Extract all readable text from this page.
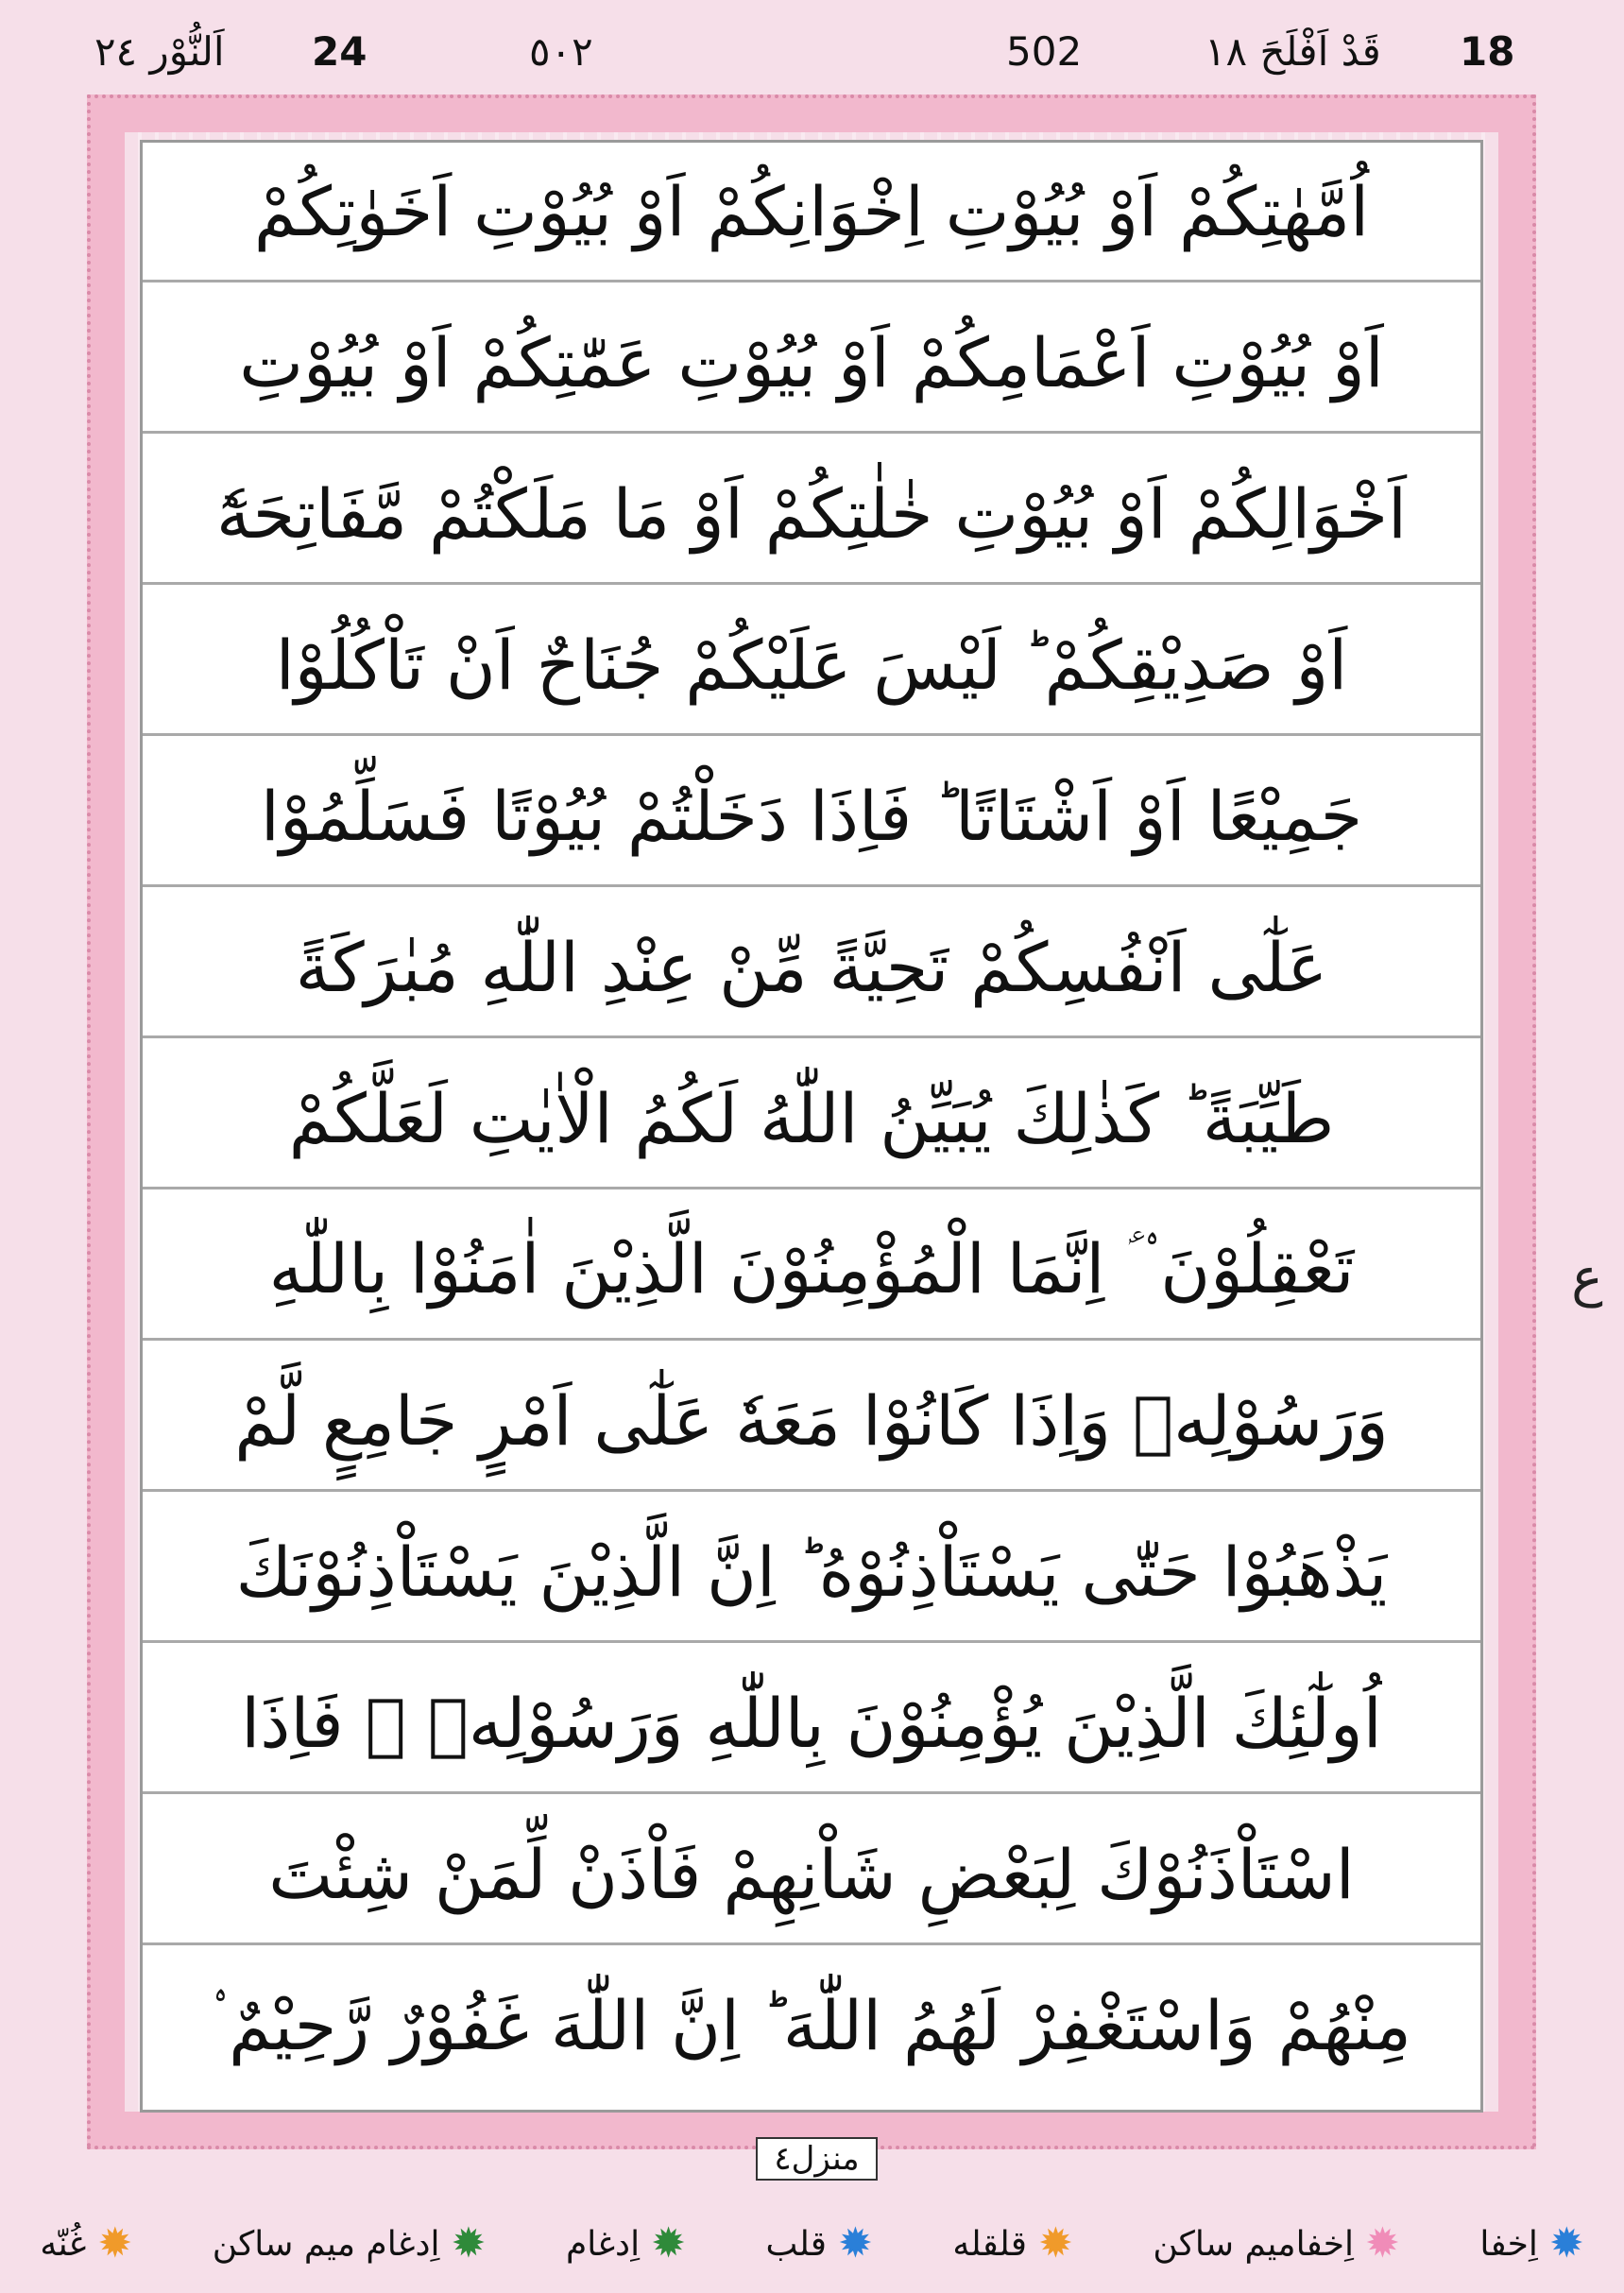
18
قَدْ اَفْلَحَ ١٨
502
٥٠٢
24
اَلنُّوْر ٢٤
اُمَّهٰتِكُمْ اَوْ بُيُوْتِ اِخْوَانِكُمْ اَوْ بُيُوْتِ اَخَوٰتِكُمْ
اَوْ بُيُوْتِ اَعْمَامِكُمْ اَوْ بُيُوْتِ عَمّٰتِكُمْ اَوْ بُيُوْتِ
اَخْوَالِكُمْ اَوْ بُيُوْتِ خٰلٰتِكُمْ اَوْ مَا مَلَكْتُمْ مَّفَاتِحَهٗٓ
اَوْ صَدِيْقِكُمْ ؕ لَيْسَ عَلَيْكُمْ جُنَاحٌ اَنْ تَاْكُلُوْا
جَمِيْعًا اَوْ اَشْتَاتًا ؕ فَاِذَا دَخَلْتُمْ بُيُوْتًا فَسَلِّمُوْا
عَلٰٓى اَنْفُسِكُمْ تَحِيَّةً مِّنْ عِنْدِ اللّٰهِ مُبٰرَكَةً
طَيِّبَةً ؕ كَذٰلِكَ يُبَيِّنُ اللّٰهُ لَكُمُ الْاٰيٰتِ لَعَلَّكُمْ
تَعْقِلُوْنَ ۟ ؑ اِنَّمَا الْمُؤْمِنُوْنَ الَّذِيْنَ اٰمَنُوْا بِاللّٰهِ
وَرَسُوْلِهٖ وَاِذَا كَانُوْا مَعَهٗ عَلٰٓى اَمْرٍ جَامِعٍ لَّمْ
يَذْهَبُوْا حَتّٰى يَسْتَاْذِنُوْهُ ؕ اِنَّ الَّذِيْنَ يَسْتَاْذِنُوْنَكَ
اُولٰٓئِكَ الَّذِيْنَ يُؤْمِنُوْنَ بِاللّٰهِ وَرَسُوْلِهٖ ۚ فَاِذَا
اسْتَاْذَنُوْكَ لِبَعْضِ شَاْنِهِمْ فَاْذَنْ لِّمَنْ شِئْتَ
مِنْهُمْ وَاسْتَغْفِرْ لَهُمُ اللّٰهَ ؕ اِنَّ اللّٰهَ غَفُوْرٌ رَّحِيْمٌ ۟
ع
منزل٤
✹
اِخفا
✹
اِخفامیم ساکن
✹
قلقله
✹
قلب
✹
اِدغام
✹
اِدغام میم ساکن
✹
غُنّه
